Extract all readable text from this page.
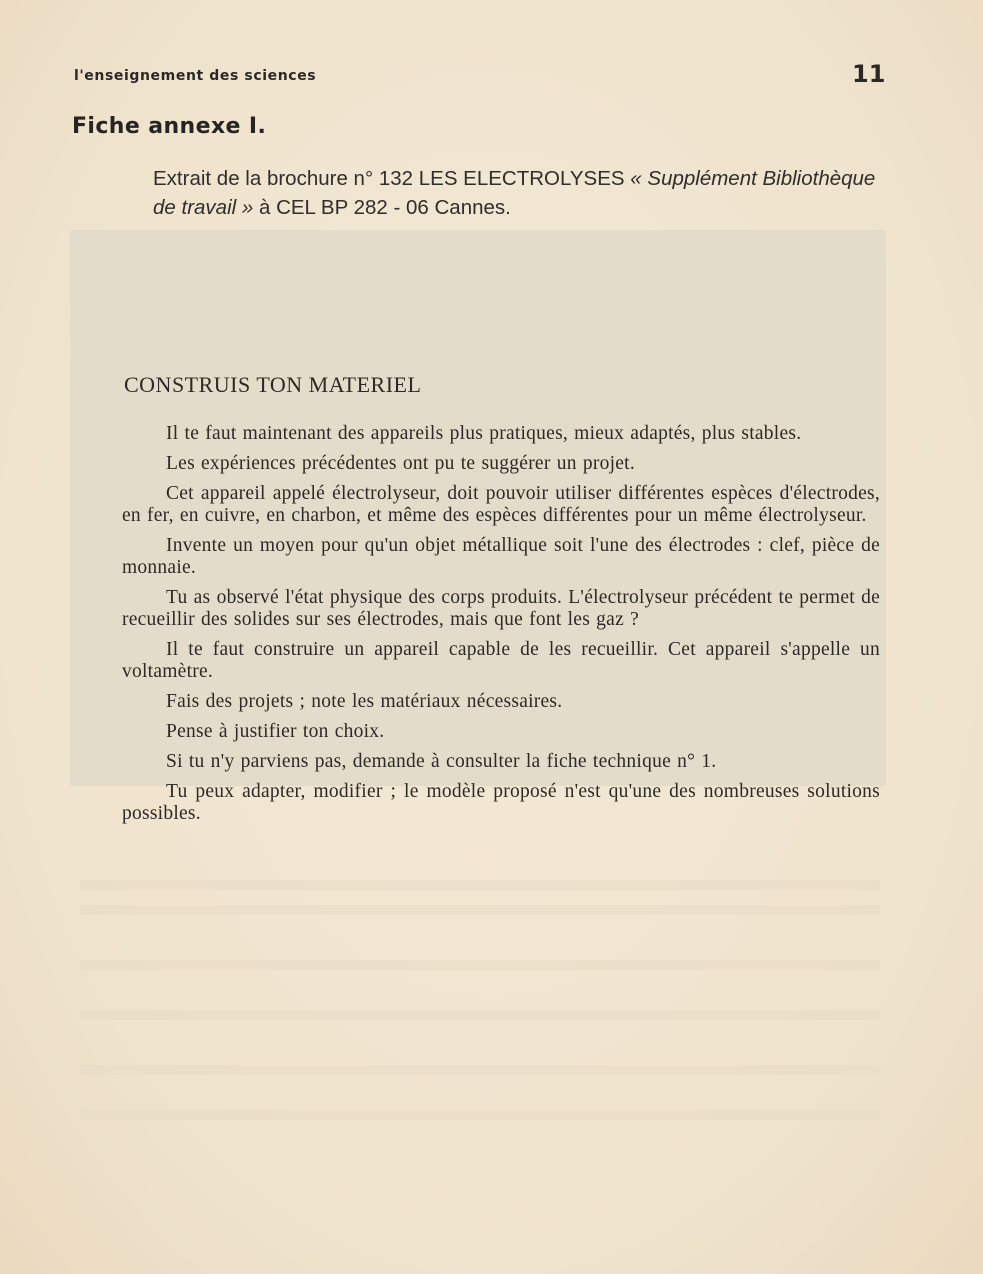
l'enseignement des sciences	11
Fiche annexe I.
Extrait de la brochure n° 132 LES ELECTROLYSES « Supplément Bibliothèque de travail » à CEL BP 282 - 06 Cannes.
CONSTRUIS TON MATERIEL

Il te faut maintenant des appareils plus pratiques, mieux adaptés, plus stables.

Les expériences précédentes ont pu te suggérer un projet.

Cet appareil appelé électrolyseur, doit pouvoir utiliser différentes espèces d'électrodes, en fer, en cuivre, en charbon, et même des espèces différentes pour un même électrolyseur.

Invente un moyen pour qu'un objet métallique soit l'une des électrodes : clef, pièce de monnaie.

Tu as observé l'état physique des corps produits. L'électrolyseur précédent te permet de recueillir des solides sur ses électrodes, mais que font les gaz ?

Il te faut construire un appareil capable de les recueillir. Cet appareil s'appelle un voltamètre.

Fais des projets ; note les matériaux nécessaires.

Pense à justifier ton choix.

Si tu n'y parviens pas, demande à consulter la fiche technique n° 1.

Tu peux adapter, modifier ; le modèle proposé n'est qu'une des nombreuses solutions possibles.
